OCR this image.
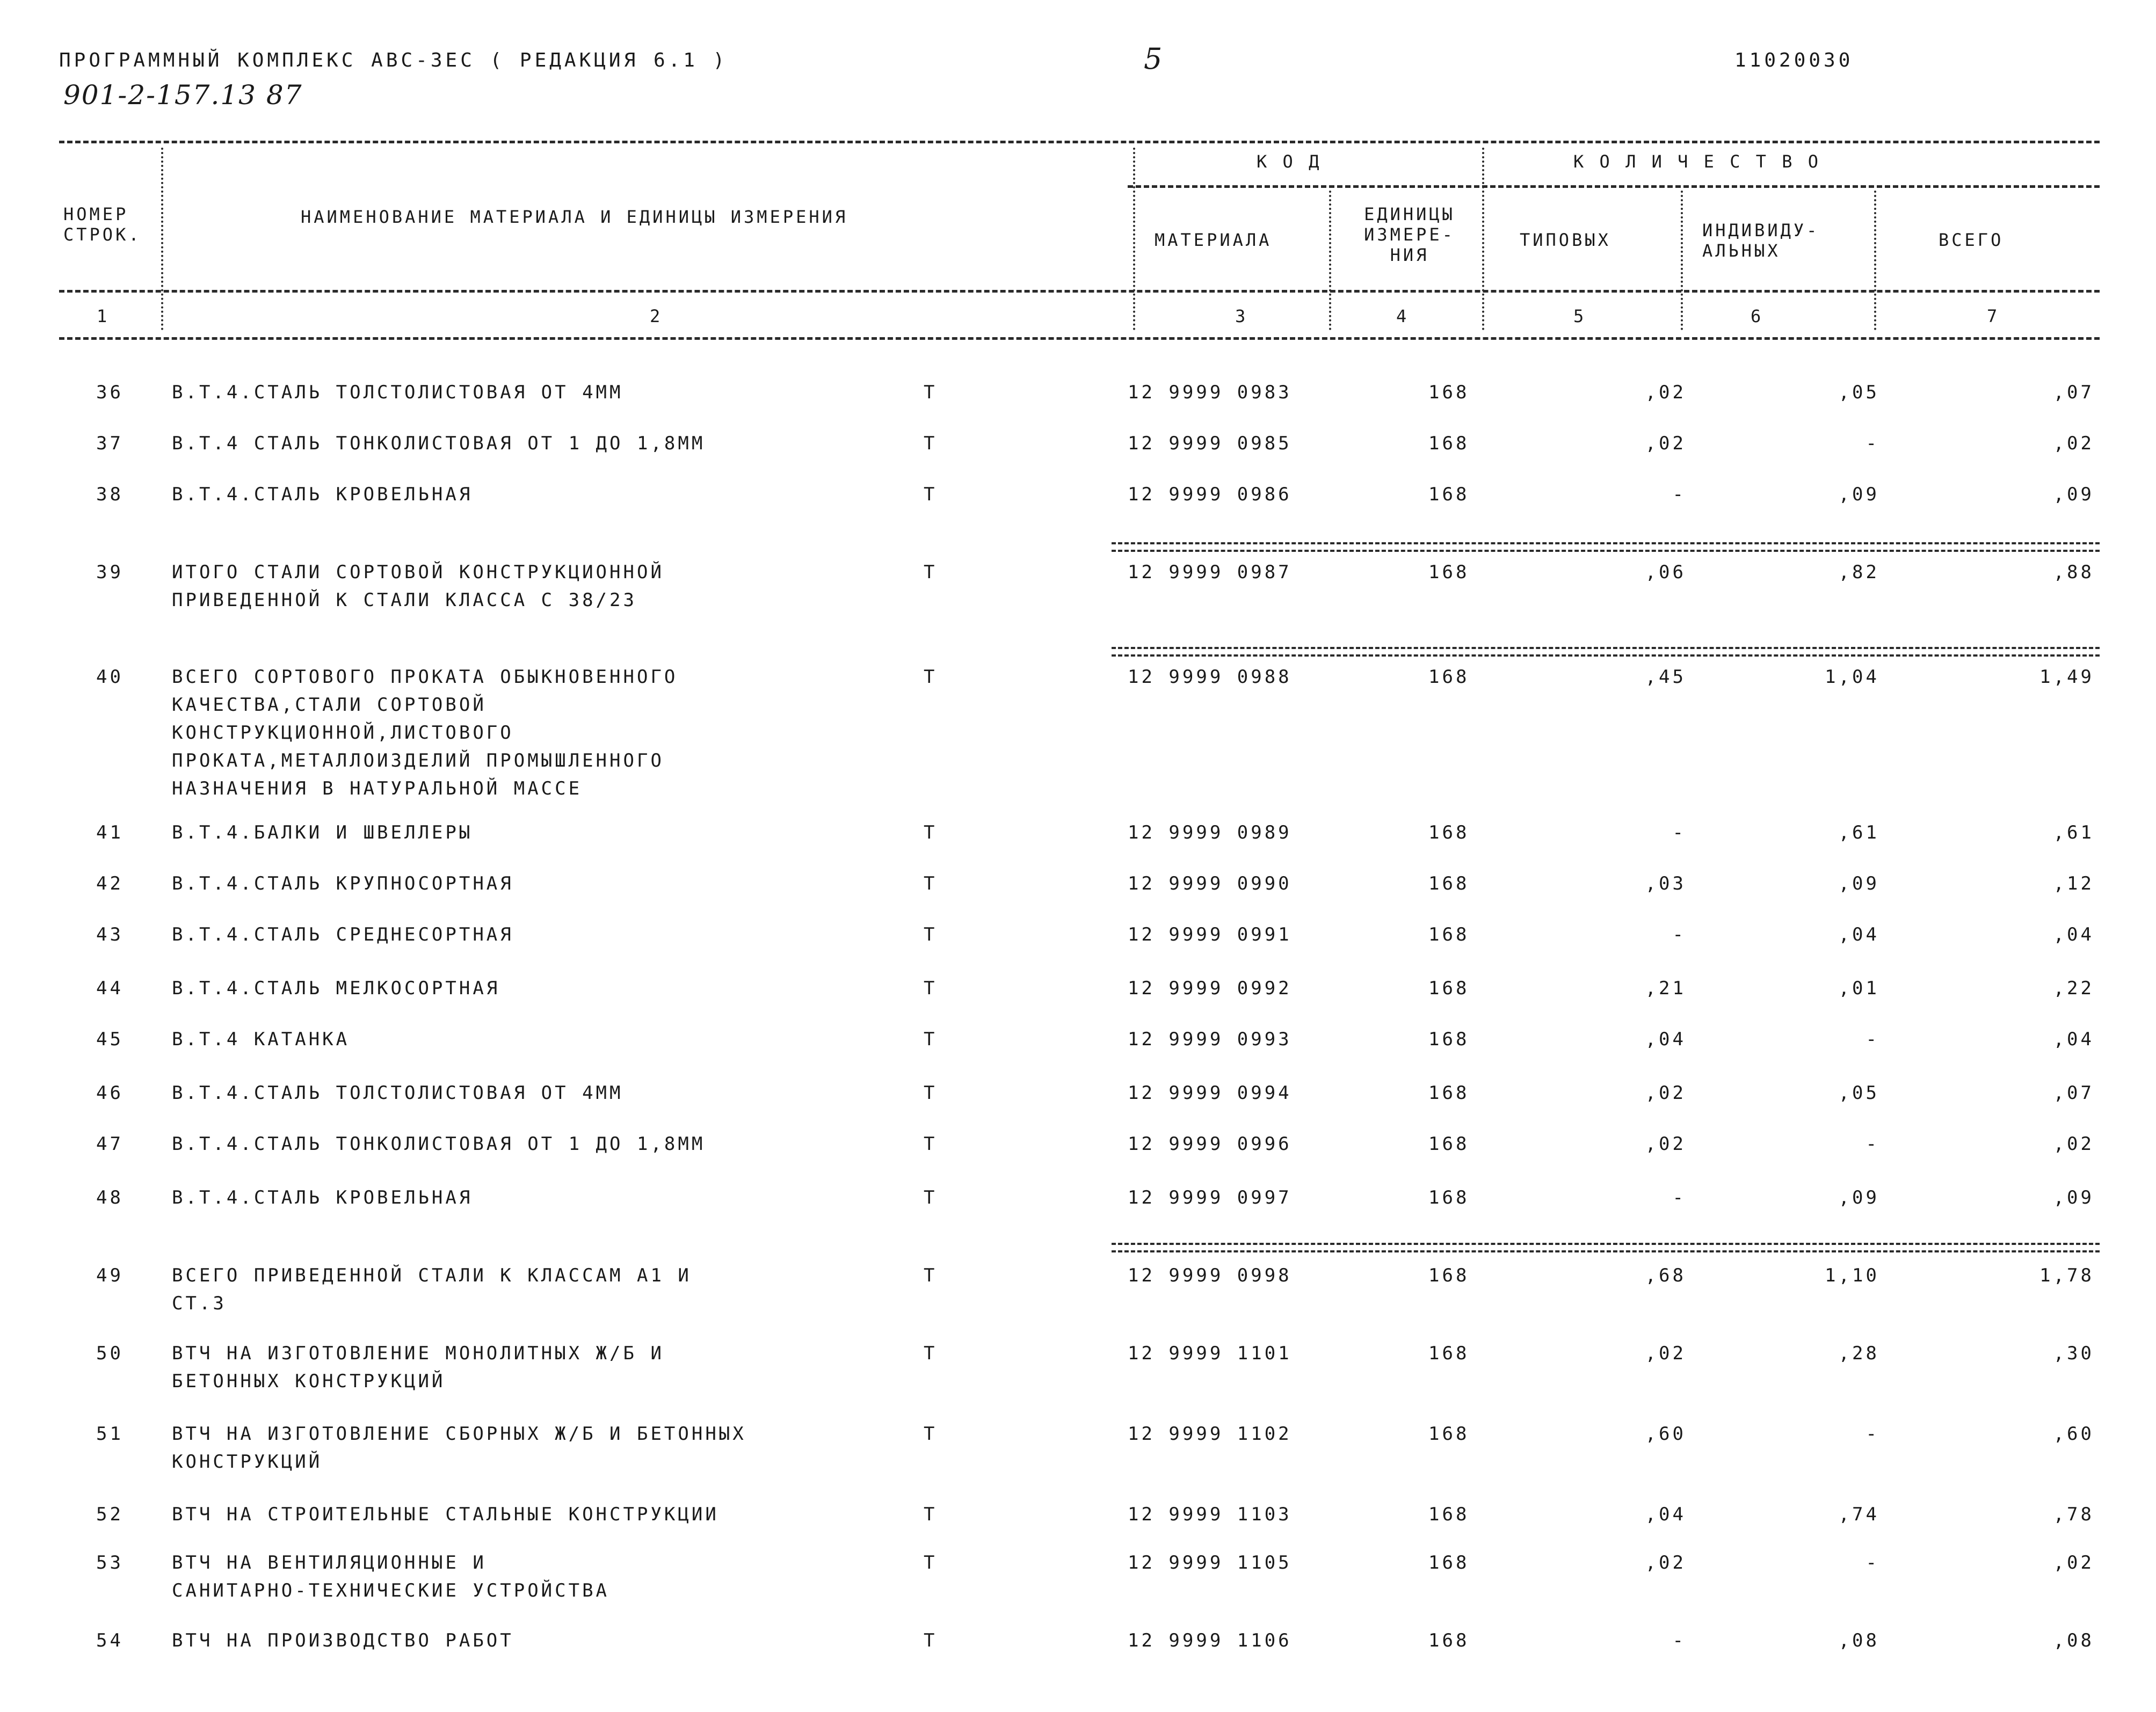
ПРОГРАММНЫЙ КОМПЛЕКС АВС-ЗЕС ( РЕДАКЦИЯ 6.1 )
901-2-157.13 87
5	11020030
НОМЕР
СТРОК.
НАИМЕНОВАНИЕ МАТЕРИАЛА И ЕДИНИЦЫ ИЗМЕРЕНИЯ
К О Д
МАТЕРИАЛА
ЕДИНИЦЫ
ИЗМЕРЕ-
НИЯ
К О Л И Ч Е С Т В О
ТИПОВЫХ	ИНДИВИДУ-
АЛЬНЫХ
ВСЕГО
1	2	3	4	5	6	7
36	В.Т.4.СТАЛЬ ТОЛСТОЛИСТОВАЯ ОТ 4ММ	Т	12 9999 0983	168	,02	,05	,07
37	В.Т.4 СТАЛЬ ТОНКОЛИСТОВАЯ ОТ 1 ДО 1,8ММ	Т	12 9999 0985	168	,02	-	,02
38	В.Т.4.СТАЛЬ КРОВЕЛЬНАЯ	Т	12 9999 0986	168	-	,09	,09
39	ИТОГО СТАЛИ СОРТОВОЙ КОНСТРУКЦИОННОЙ
ПРИВЕДЕННОЙ К СТАЛИ КЛАССА С 38/23
Т	12 9999 0987	168	,06	,82	,88
40	ВСЕГО СОРТОВОГО ПРОКАТА ОБЫКНОВЕННОГО
КАЧЕСТВА,СТАЛИ СОРТОВОЙ
КОНСТРУКЦИОННОЙ,ЛИСТОВОГО
ПРОКАТА,МЕТАЛЛОИЗДЕЛИЙ ПРОМЫШЛЕННОГО
НАЗНАЧЕНИЯ В НАТУРАЛЬНОЙ МАССЕ
Т	12 9999 0988	168	,45	1,04	1,49
41	В.Т.4.БАЛКИ И ШВЕЛЛЕРЫ	Т	12 9999 0989	168	-	,61	,61
42	В.Т.4.СТАЛЬ КРУПНОСОРТНАЯ	Т	12 9999 0990	168	,03	,09	,12
43	В.Т.4.СТАЛЬ СРЕДНЕСОРТНАЯ	Т	12 9999 0991	168	-	,04	,04
44	В.Т.4.СТАЛЬ МЕЛКОСОРТНАЯ	Т	12 9999 0992	168	,21	,01	,22
45	В.Т.4 КАТАНКА	Т	12 9999 0993	168	,04	-	,04
46	В.Т.4.СТАЛЬ ТОЛСТОЛИСТОВАЯ ОТ 4ММ	Т	12 9999 0994	168	,02	,05	,07
47	В.Т.4.СТАЛЬ ТОНКОЛИСТОВАЯ ОТ 1 ДО 1,8ММ	Т	12 9999 0996	168	,02	-	,02
48	В.Т.4.СТАЛЬ КРОВЕЛЬНАЯ	Т	12 9999 0997	168	-	,09	,09
49	ВСЕГО ПРИВЕДЕННОЙ СТАЛИ К КЛАССАМ А1 И
СТ.3
Т	12 9999 0998	168	,68	1,10	1,78
50	ВТЧ НА ИЗГОТОВЛЕНИЕ МОНОЛИТНЫХ Ж/Б И
БЕТОННЫХ КОНСТРУКЦИЙ
Т	12 9999 1101	168	,02	,28	,30
51	ВТЧ НА ИЗГОТОВЛЕНИЕ СБОРНЫХ Ж/Б И БЕТОННЫХ
КОНСТРУКЦИЙ
Т	12 9999 1102	168	,60	-	,60
52	ВТЧ НА СТРОИТЕЛЬНЫЕ СТАЛЬНЫЕ КОНСТРУКЦИИ	Т	12 9999 1103	168	,04	,74	,78
53	ВТЧ НА ВЕНТИЛЯЦИОННЫЕ И
САНИТАРНО-ТЕХНИЧЕСКИЕ УСТРОЙСТВА
Т	12 9999 1105	168	,02	-	,02
54	ВТЧ НА ПРОИЗВОДСТВО РАБОТ	Т	12 9999 1106	168	-	,08	,08
